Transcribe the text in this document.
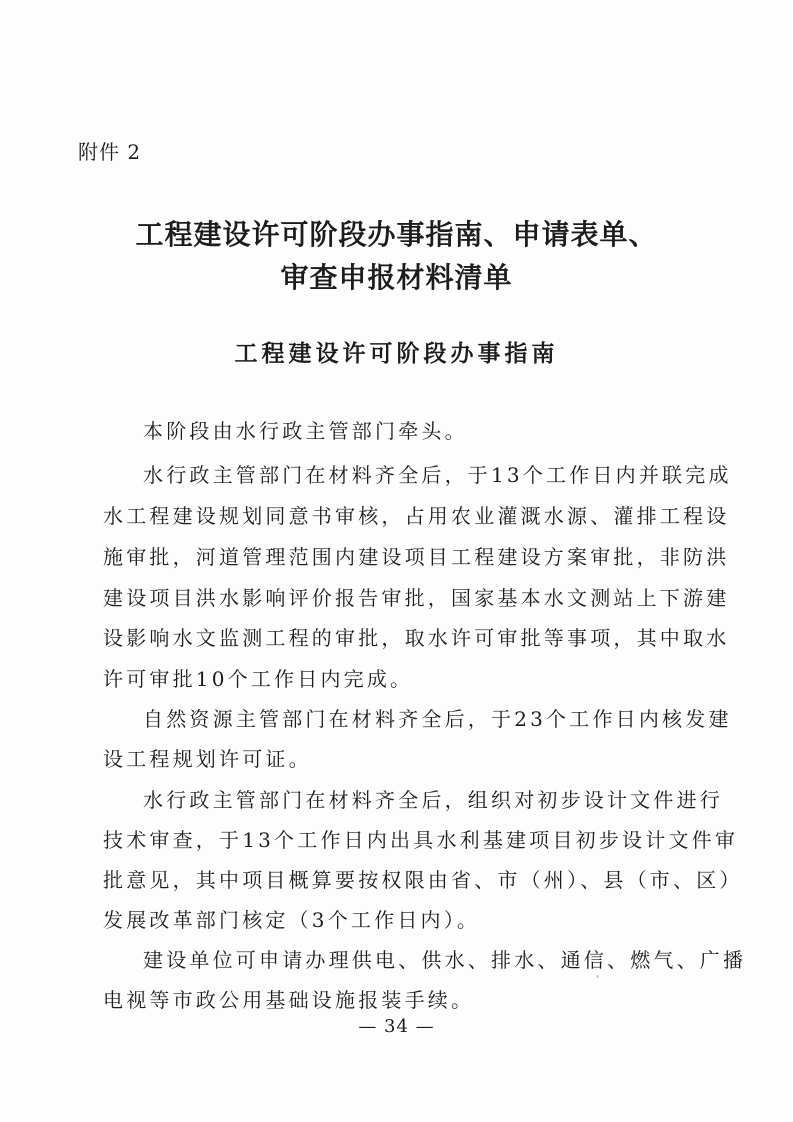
附件 2
工程建设许可阶段办事指南、申请表单、
审查申报材料清单
工程建设许可阶段办事指南
本阶段由水行政主管部门牵头。
水行政主管部门在材料齐全后，于13个工作日内并联完成
水工程建设规划同意书审核，占用农业灌溉水源、灌排工程设
施审批，河道管理范围内建设项目工程建设方案审批，非防洪
建设项目洪水影响评价报告审批，国家基本水文测站上下游建
设影响水文监测工程的审批，取水许可审批等事项，其中取水
许可审批10个工作日内完成。
自然资源主管部门在材料齐全后，于23个工作日内核发建
设工程规划许可证。
水行政主管部门在材料齐全后，组织对初步设计文件进行
技术审查，于13个工作日内出具水利基建项目初步设计文件审
批意见，其中项目概算要按权限由省、市（州）、县（市、区）
发展改革部门核定（3个工作日内）。
建设单位可申请办理供电、供水、排水、通信、燃气、广播
电视等市政公用基础设施报装手续。
— 34 —
